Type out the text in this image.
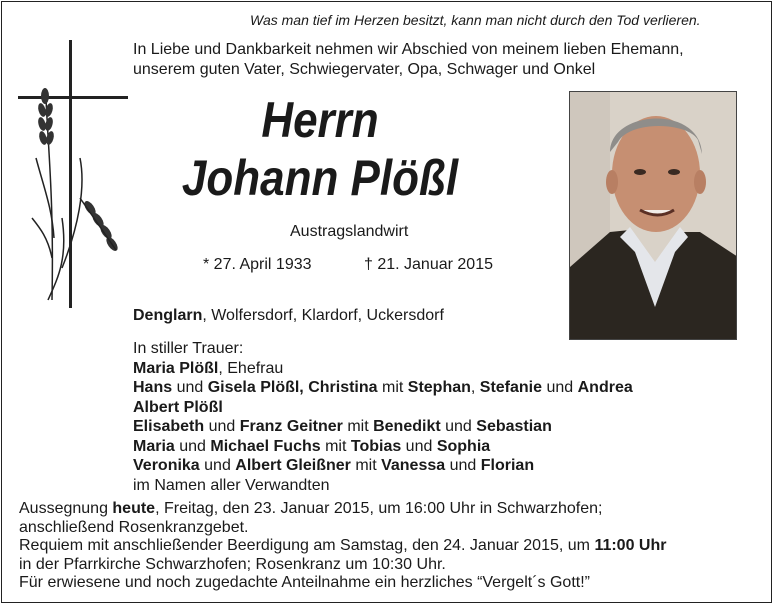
Was man tief im Herzen besitzt, kann man nicht durch den Tod verlieren.
In Liebe und Dankbarkeit nehmen wir Abschied von meinem lieben Ehemann,
unserem guten Vater, Schwiegervater, Opa, Schwager und Onkel
Herrn
Johann Plößl
Austragslandwirt
* 27. April 1933	† 21. Januar 2015
Denglarn, Wolfersdorf, Klardorf, Uckersdorf
In stiller Trauer:
Maria Plößl, Ehefrau
Hans und Gisela Plößl, Christina mit Stephan, Stefanie und Andrea
Albert Plößl
Elisabeth und Franz Geitner mit Benedikt und Sebastian
Maria und Michael Fuchs mit Tobias und Sophia
Veronika und Albert Gleißner mit Vanessa und Florian
im Namen aller Verwandten
Aussegnung heute, Freitag, den 23. Januar 2015, um 16:00 Uhr in Schwarzhofen;
anschließend Rosenkranzgebet.
Requiem mit anschließender Beerdigung am Samstag, den 24. Januar 2015, um 11:00 Uhr
in der Pfarrkirche Schwarzhofen; Rosenkranz um 10:30 Uhr.
Für erwiesene und noch zugedachte Anteilnahme ein herzliches “Vergelt´s Gott!”
